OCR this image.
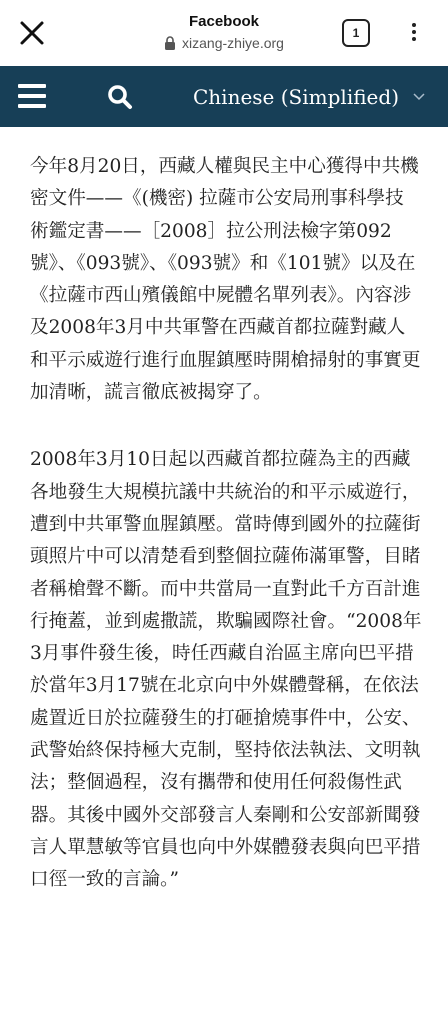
Facebook
xizang-zhiye.org
1
Chinese (Simplified)

今年8月20日，西藏人權與民主中心獲得中共機密文件——《(機密) 拉薩市公安局刑事科學技術鑑定書——［2008］拉公刑法檢字第092號》、《093號》、《093號》和《101號》以及在《拉薩市西山殯儀館中屍體名單列表》。內容涉及2008年3月中共軍警在西藏首都拉薩對藏人和平示威遊行進行血腥鎮壓時開槍掃射的事實更加清晰，謊言徹底被揭穿了。

2008年3月10日起以西藏首都拉薩為主的西藏各地發生大規模抗議中共統治的和平示威遊行，遭到中共軍警血腥鎮壓。當時傳到國外的拉薩街頭照片中可以清楚看到整個拉薩佈滿軍警，目睹者稱槍聲不斷。而中共當局一直對此千方百計進行掩蓋，並到處撒謊，欺騙國際社會。“2008年3月事件發生後，時任西藏自治區主席向巴平措於當年3月17號在北京向中外媒體聲稱，在依法處置近日於拉薩發生的打砸搶燒事件中，公安、武警始終保持極大克制，堅持依法執法、文明執法；整個過程，沒有攜帶和使用任何殺傷性武器。其後中國外交部發言人秦剛和公安部新聞發言人單慧敏等官員也向中外媒體發表與向巴平措口徑一致的言論。”
